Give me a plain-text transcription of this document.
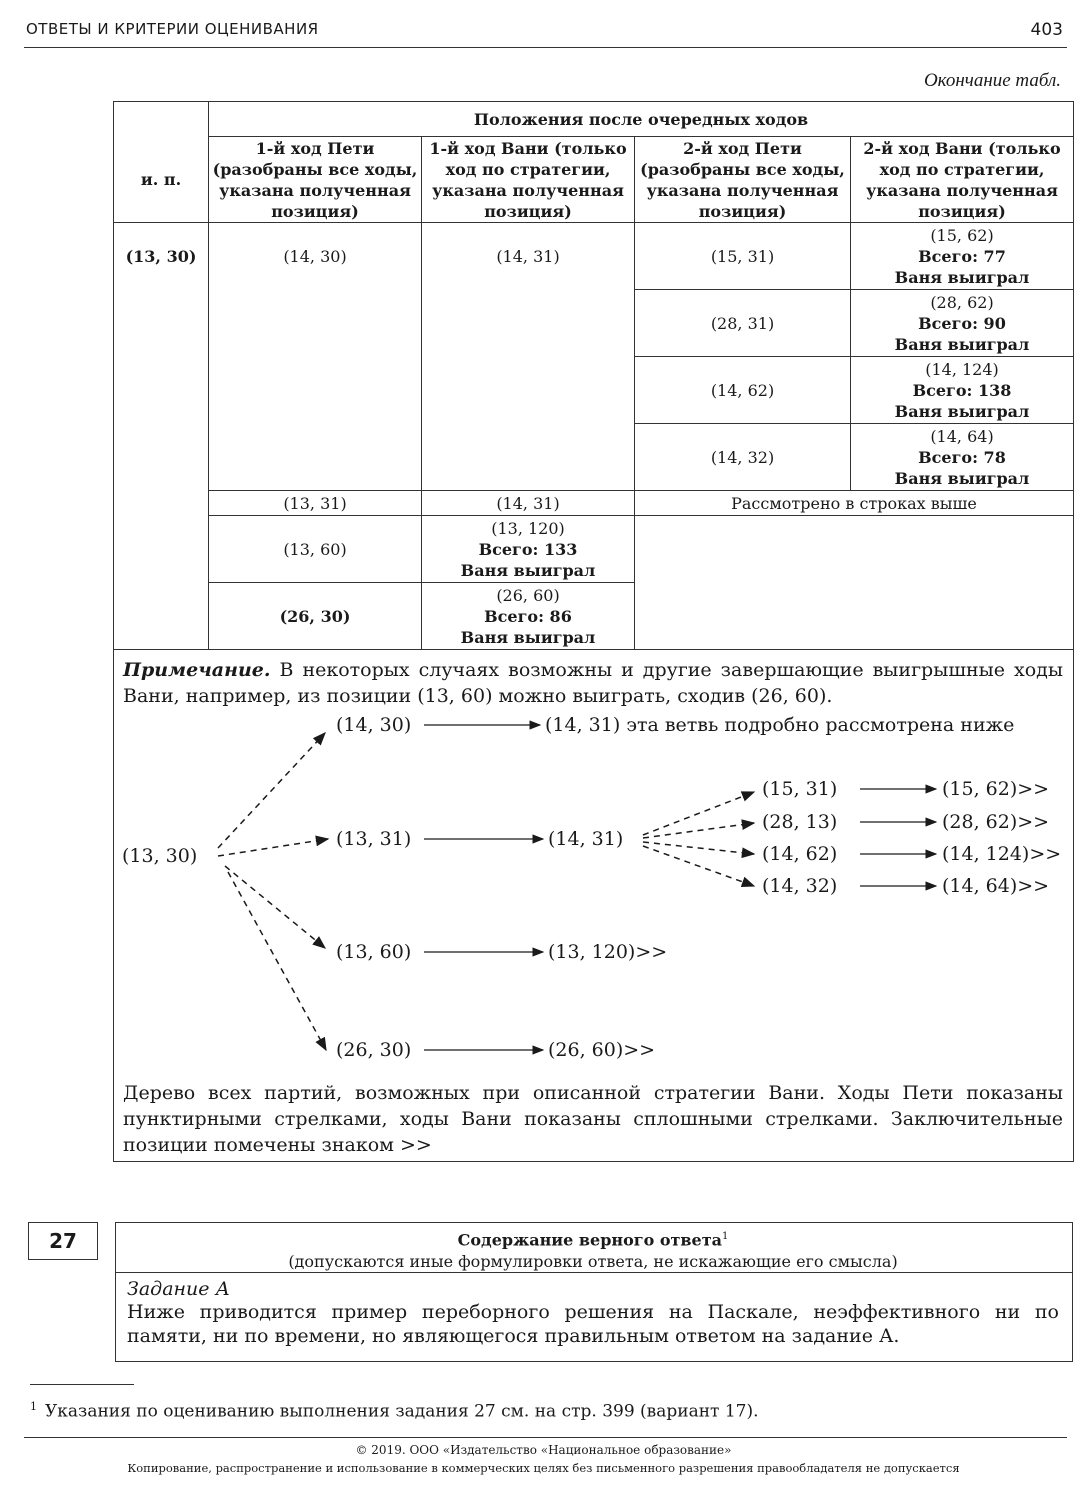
ОТВЕТЫ И КРИТЕРИИ ОЦЕНИВАНИЯ	403
Окончание табл.
	Положения после очередных ходов			
и. п.	1-й ход Пети (разобраны все ходы, указана полученная позиция)	1-й ход Вани (только ход по стратегии, указана полученная позиция)	2-й ход Пети (разобраны все ходы, указана полученная позиция)	2-й ход Вани (только ход по стратегии, указана полученная позиция)
(13, 30)	(14, 30)	(14, 31)	(15, 31)	(15, 62)
Всего: 77
Ваня выиграл

			(28, 31)	(28, 62)
Всего: 90
Ваня выиграл

			(14, 62)	(14, 124)
Всего: 138
Ваня выиграл

			(14, 32)	(14, 64)
Всего: 78
Ваня выиграл

	(13, 31)	(14, 31)	Рассмотрено в строках выше	
	(13, 60)	(13, 120)
Всего: 133
Ваня выиграл		

	(26, 30)	(26, 60)
Всего: 86
Ваня выиграл		
Примечание. В некоторых случаях возможны и другие завершающие выигрышные ходы Вани, например, из позиции (13, 60) можно выиграть, сходив (26, 60).
(13, 30)
(14, 30)	(14, 31) эта ветвь подробно рассмотрена ниже
(13, 31)	(14, 31)
(13, 60)	(13, 120)>>
(26, 30)	(26, 60)>>
(15, 31)	(15, 62)>>
(28, 13)	(28, 62)>>
(14, 62)	(14, 124)>>
(14, 32)	(14, 64)>>
Дерево всех партий, возможных при описанной стратегии Вани. Ходы Пети показаны пунктирными стрелками, ходы Вани показаны сплошными стрелками. Заключительные позиции помечены знаком >>
27	Содержание верного ответа$^1$
(допускаются иные формулировки ответа, не искажающие его смысла)
Задание А
Ниже приводится пример переборного решения на Паскале, неэффективного ни по памяти, ни по времени, но являющегося правильным ответом на задание А.
$^1$ Указания по оцениванию выполнения задания 27 см. на стр. 399 (вариант 17).
© 2019. ООО «Издательство «Национальное образование»
Копирование, распространение и использование в коммерческих целях без письменного разрешения правообладателя не допускается
